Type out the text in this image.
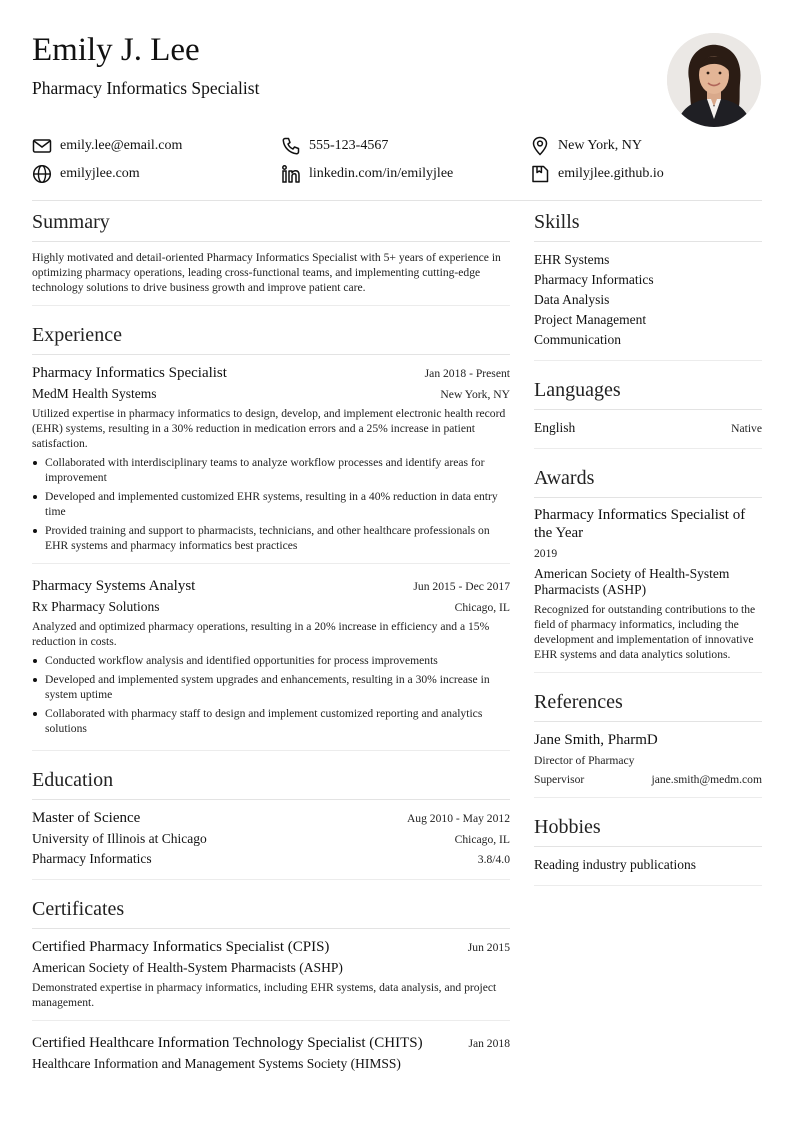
Emily J. Lee
Pharmacy Informatics Specialist
emily.lee@email.com	555-123-4567	New York, NY
emilyjlee.com	linkedin.com/in/emilyjlee	emilyjlee.github.io
Summary
Highly motivated and detail-oriented Pharmacy Informatics Specialist with 5+ years of experience in optimizing pharmacy operations, leading cross-functional teams, and implementing cutting-edge technology solutions to drive business growth and improve patient care.
Experience
Pharmacy Informatics Specialist	Jan 2018 - Present
MedM Health Systems	New York, NY
Utilized expertise in pharmacy informatics to design, develop, and implement electronic health record (EHR) systems, resulting in a 30% reduction in medication errors and a 25% increase in patient satisfaction.
Collaborated with interdisciplinary teams to analyze workflow processes and identify areas for improvement
Developed and implemented customized EHR systems, resulting in a 40% reduction in data entry time
Provided training and support to pharmacists, technicians, and other healthcare professionals on EHR systems and pharmacy informatics best practices
Pharmacy Systems Analyst	Jun 2015 - Dec 2017
Rx Pharmacy Solutions	Chicago, IL
Analyzed and optimized pharmacy operations, resulting in a 20% increase in efficiency and a 15% reduction in costs.
Conducted workflow analysis and identified opportunities for process improvements
Developed and implemented system upgrades and enhancements, resulting in a 30% increase in system uptime
Collaborated with pharmacy staff to design and implement customized reporting and analytics solutions
Education
Master of Science	Aug 2010 - May 2012
University of Illinois at Chicago	Chicago, IL
Pharmacy Informatics	3.8/4.0
Certificates
Certified Pharmacy Informatics Specialist (CPIS)	Jun 2015
American Society of Health-System Pharmacists (ASHP)
Demonstrated expertise in pharmacy informatics, including EHR systems, data analysis, and project management.
Certified Healthcare Information Technology Specialist (CHITS)	Jan 2018
Healthcare Information and Management Systems Society (HIMSS)
Skills
EHR Systems
Pharmacy Informatics
Data Analysis
Project Management
Communication
Languages
English	Native
Awards
Pharmacy Informatics Specialist of the Year
2019
American Society of Health-System Pharmacists (ASHP)
Recognized for outstanding contributions to the field of pharmacy informatics, including the development and implementation of innovative EHR systems and data analytics solutions.
References
Jane Smith, PharmD
Director of Pharmacy
Supervisor	jane.smith@medm.com
Hobbies
Reading industry publications
